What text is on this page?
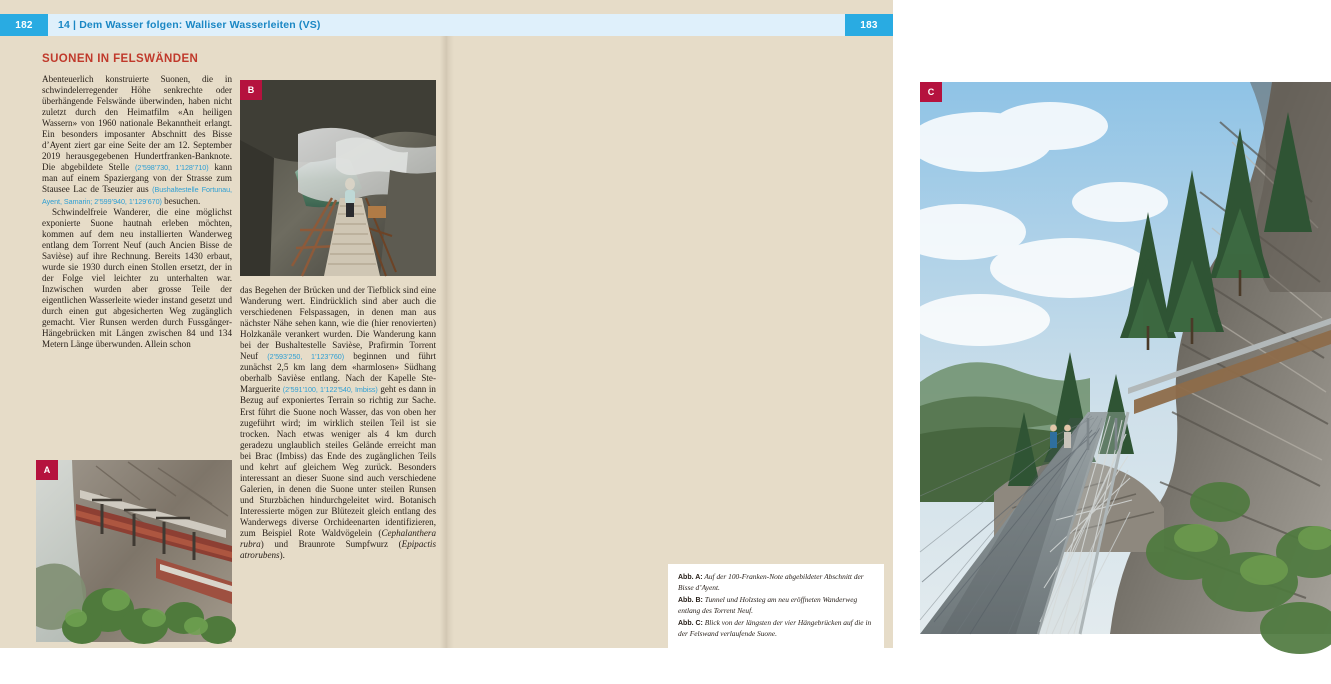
182	183
14 | Dem Wasser folgen: Walliser Wasserleiten (VS)
SUONEN IN FELSWÄNDEN

Abenteuerlich konstruierte Suonen, die in schwindelerregender Höhe senkrechte oder überhängende Felswände überwinden, haben nicht zuletzt durch den Heimatfilm «An heiligen Wassern» von 1960 nationale Bekanntheit erlangt. Ein besonders imposanter Abschnitt des Bisse d’Ayent ziert gar eine Seite der am 12. September 2019 herausgegebenen Hundertfranken-Banknote. Die abgebildete Stelle (2’598’730, 1’128’710) kann man auf einem Spaziergang von der Strasse zum Stausee Lac de Tseuzier aus (Bushaltestelle Fortunau, Ayent, Samarin; 2’599’940, 1’129’670) besuchen.

Schwindelfreie Wanderer, die eine möglichst exponierte Suone hautnah erleben möchten, kommen auf dem neu installierten Wanderweg entlang dem Torrent Neuf (auch Ancien Bisse de Savièse) auf ihre Rechnung. Bereits 1430 erbaut, wurde sie 1930 durch einen Stollen ersetzt, der in der Folge viel leichter zu unterhalten war. Inzwischen wurden aber grosse Teile der eigentlichen Wasserleite wieder instand gesetzt und durch einen gut abgesicherten Weg zugänglich gemacht. Vier Runsen werden durch Fussgänger-Hängebrücken mit Längen zwischen 84 und 134 Metern Länge überwunden. Allein schon

B

das Begehen der Brücken und der Tiefblick sind eine Wanderung wert. Eindrücklich sind aber auch die verschiedenen Felspassagen, in denen man aus nächster Nähe sehen kann, wie die (hier renovierten) Holzkanäle verankert wurden. Die Wanderung kann bei der Bushaltestelle Savièse, Prafirmin Torrent Neuf (2’593’250, 1’123’760) beginnen und führt zunächst 2,5 km lang dem «harmlosen» Südhang oberhalb Savièse entlang. Nach der Kapelle Ste-Marguerite (2’591’100, 1’122’540, Imbiss) geht es dann in Bezug auf exponiertes Terrain so richtig zur Sache. Erst führt die Suone noch Wasser, das von oben her zugeführt wird; im wirklich steilen Teil ist sie trocken. Nach etwas weniger als 4 km durch geradezu unglaublich steiles Gelände erreicht man bei Brac (Imbiss) das Ende des zugänglichen Teils und kehrt auf gleichem Weg zurück. Besonders interessant an dieser Suone sind auch verschiedene Galerien, in denen die Suone unter steilen Runsen und Sturzbächen hindurchgeleitet wird. Botanisch Interessierte mögen zur Blütezeit gleich entlang des Wanderwegs diverse Orchideenarten identifizieren, zum Beispiel Rote Waldvögelein (Cephalanthera rubra) und Braunrote Sumpfwurz (Epipactis atrorubens).

A
C

Abb. A: Auf der 100-Franken-Note abgebildeter Abschnitt der Bisse d’Ayent.

Abb. B: Tunnel und Holzsteg am neu eröffneten Wanderweg entlang des Torrent Neuf.

Abb. C: Blick von der längsten der vier Hängebrücken auf die in der Felswand verlaufende Suone.
